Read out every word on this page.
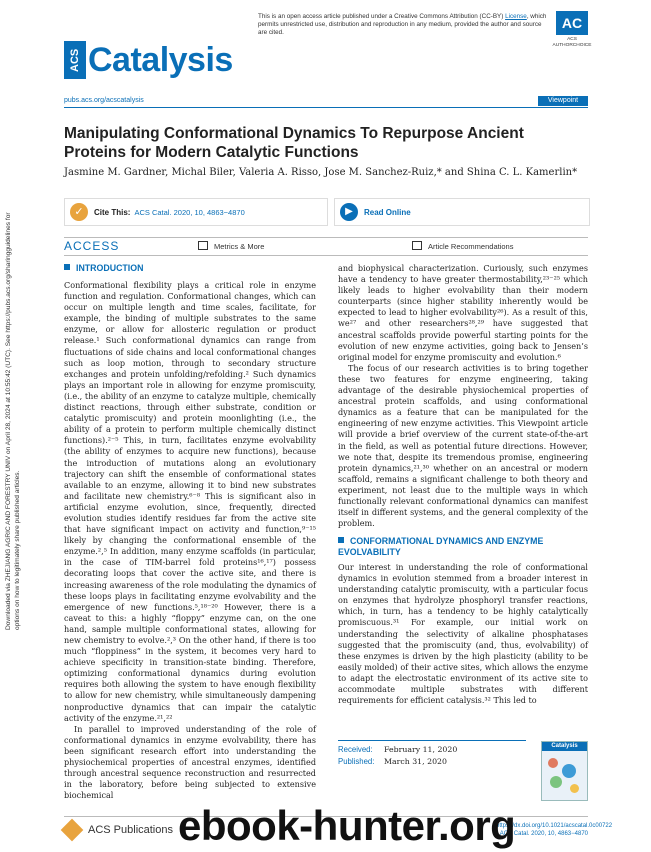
Downloaded via ZHEJIANG AGRIC AND FORESTRY UNIV on April 28, 2024 at 10:55:42 (UTC). See https://pubs.acs.org/sharingguidelines for options on how to legitimately share published articles.
ACS Catalysis
This is an open access article published under a Creative Commons Attribution (CC-BY) License, which permits unrestricted use, distribution and reproduction in any medium, provided the author and source are cited.
AC
ACS AUTHORCHOICE
pubs.acs.org/acscatalysis	Viewpoint
Manipulating Conformational Dynamics To Repurpose Ancient Proteins for Modern Catalytic Functions
Jasmine M. Gardner, Michal Biler, Valeria A. Risso, Jose M. Sanchez-Ruiz,* and Shina C. L. Kamerlin*
✓	Cite This: ACS Catal. 2020, 10, 4863−4870	▶	Read Online
ACCESS	Metrics & More	Article Recommendations
INTRODUCTION

Conformational flexibility plays a critical role in enzyme function and regulation. Conformational changes, which can occur on multiple length and time scales, facilitate, for example, the binding of multiple substrates to the same enzyme, or allow for allosteric regulation or product release.¹ Such conformational dynamics can range from fluctuations of side chains and local conformational changes such as loop motion, through to secondary structure exchanges and protein unfolding/refolding.² Such dynamics plays an important role in allowing for enzyme promiscuity, (i.e., the ability of an enzyme to catalyze multiple, chemically distinct reactions, through either substrate, condition or catalytic promiscuity) and protein moonlighting (i.e., the ability of a protein to perform multiple chemically distinct functions).²⁻⁵ This, in turn, facilitates enzyme evolvability (the ability of enzymes to acquire new functions), because the introduction of mutations along an evolutionary trajectory can shift the ensemble of conformational states available to an enzyme, allowing it to bind new substrates and facilitate new chemistry.⁶⁻⁸ This is significant also in artificial enzyme evolution, since, frequently, directed evolution studies identify residues far from the active site that have significant impact on activity and function,⁹⁻¹⁵ likely by changing the conformational ensemble of the enzyme.²,⁵ In addition, many enzyme scaffolds (in particular, in the case of TIM-barrel fold proteins¹⁶,¹⁷) possess decorating loops that cover the active site, and there is increasing awareness of the role modulating the dynamics of these loops plays in facilitating enzyme evolvability and the emergence of new functions.⁵,¹⁸⁻²⁰ However, there is a caveat to this: a highly “floppy” enzyme can, on the one hand, sample multiple conformational states, allowing for new chemistry to evolve.²,³ On the other hand, if there is too much “floppiness” in the system, it becomes very hard to achieve specificity in transition-state binding. Therefore, optimizing conformational dynamics during evolution requires both allowing the system to have enough flexibility to allow for new chemistry, while simultaneously dampening nonproductive dynamics that can impair the catalytic activity of the enzyme.²¹,²²

In parallel to improved understanding of the role of conformational dynamics in enzyme evolvability, there has been significant research effort into understanding the physiochemical properties of ancestral enzymes, identified through ancestral sequence reconstruction and resurrected in the laboratory, before being subjected to extensive biochemical

and biophysical characterization. Curiously, such enzymes have a tendency to have greater thermostability,²³⁻²⁵ which likely leads to higher evolvability than their modern counterparts (since higher stability inherently would be expected to lead to higher evolvability²⁶). As a result of this, we²⁷ and other researchers²⁸,²⁹ have suggested that ancestral scaffolds provide powerful starting points for the evolution of new enzyme activities, going back to Jensen’s original model for enzyme promiscuity and evolution.⁶

The focus of our research activities is to bring together these two features for enzyme engineering, taking advantage of the desirable physiochemical properties of ancestral protein scaffolds, and using conformational dynamics as a feature that can be manipulated for the engineering of new enzyme activities. This Viewpoint article will provide a brief overview of the current state-of-the-art in the field, as well as potential future directions. However, we note that, despite its tremendous promise, engineering protein dynamics,²¹,³⁰ whether on an ancestral or modern scaffold, remains a significant challenge to both theory and experiment, not least due to the multiple ways in which functionally relevant conformational dynamics can manifest itself in different systems, and the general complexity of the problem.

CONFORMATIONAL DYNAMICS AND ENZYME EVOLVABILITY

Our interest in understanding the role of conformational dynamics in evolution stemmed from a broader interest in understanding catalytic promiscuity, with a particular focus on enzymes that hydrolyze phosphoryl transfer reactions, which, in turn, has a tendency to be highly catalytically promiscuous.³¹ For example, our initial work on understanding the selectivity of alkaline phosphatases suggested that the promiscuity (and, thus, evolvability) of these enzymes is driven by the high plasticity (ability to be easily molded) of their active sites, which allows the enzyme to adapt the electrostatic environment of its active site to accommodate multiple substrates with different requirements for efficient catalysis.³² This led to

Received: February 11, 2020
Published: March 31, 2020
Catalysis
ACS Publications	https://dx.doi.org/10.1021/acscatal.0c00722
ACS Catal. 2020, 10, 4863−4870
ebook-hunter.org
